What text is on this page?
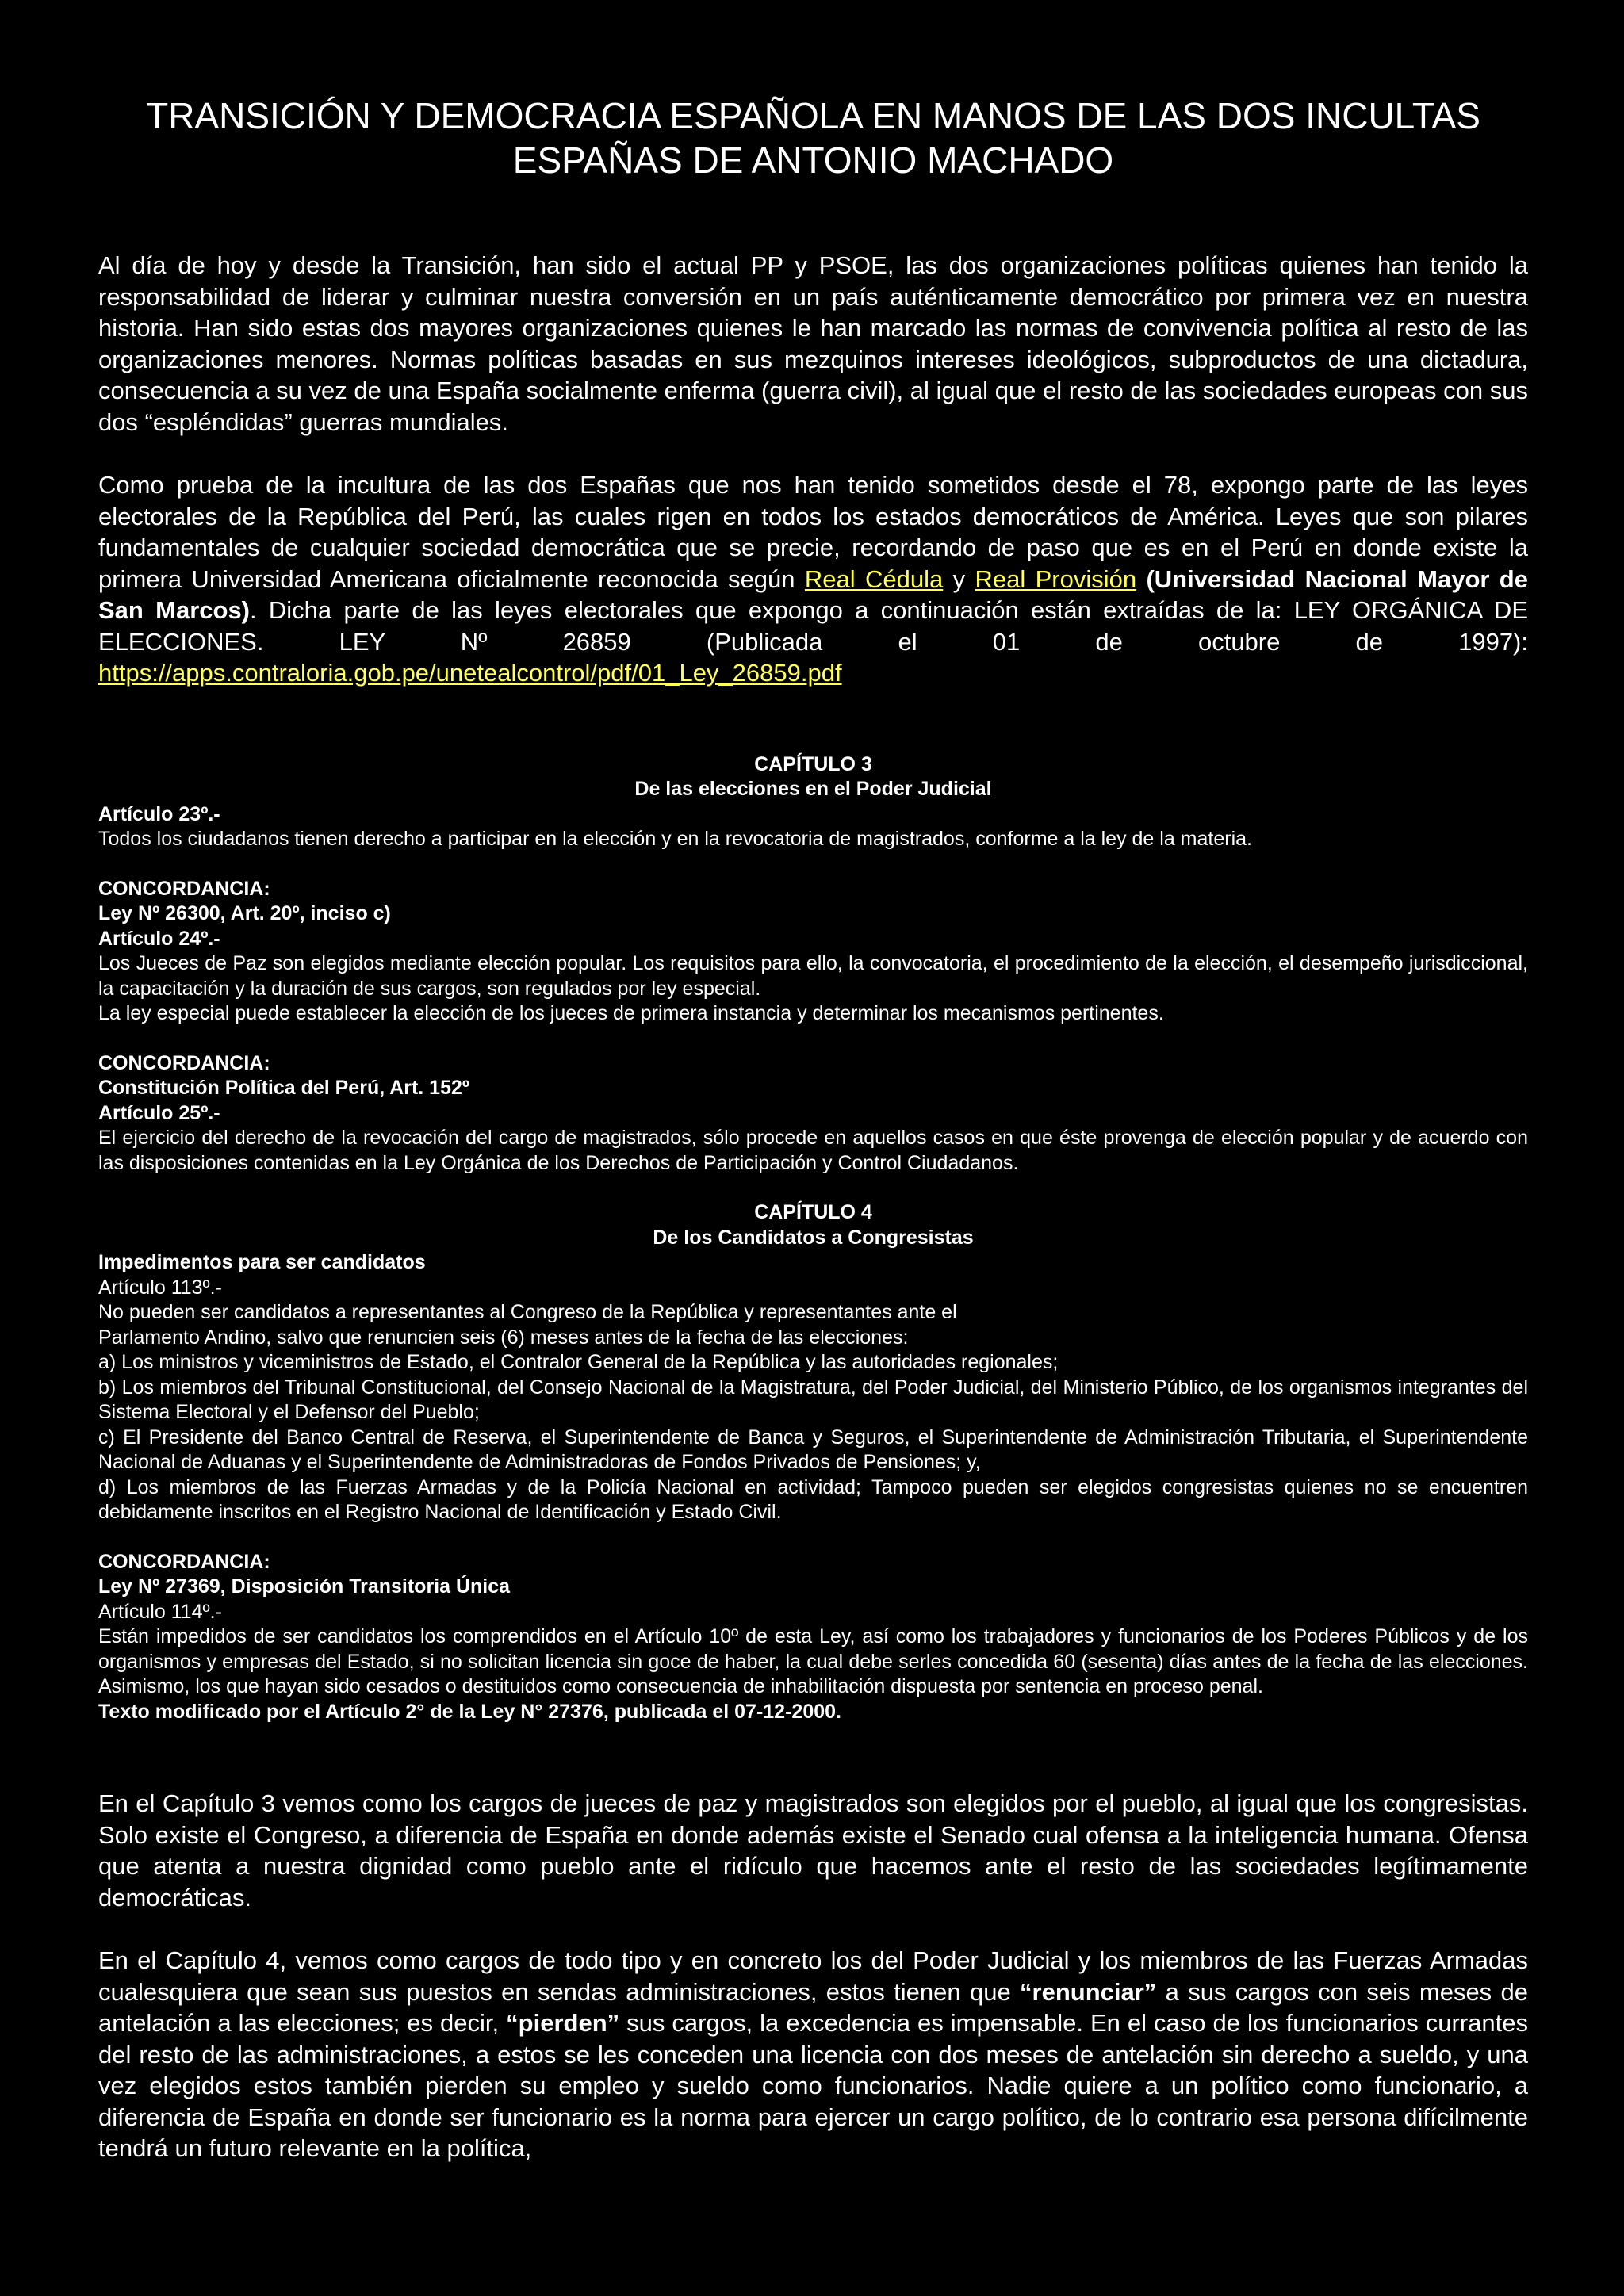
TRANSICIÓN Y DEMOCRACIA ESPAÑOLA EN MANOS DE LAS DOS INCULTAS ESPAÑAS DE ANTONIO MACHADO

Al día de hoy y desde la Transición, han sido el actual PP y PSOE, las dos organizaciones políticas quienes han tenido la responsabilidad de liderar y culminar nuestra conversión en un país auténticamente democrático por primera vez en nuestra historia. Han sido estas dos mayores organizaciones quienes le han marcado las normas de convivencia política al resto de las organizaciones menores. Normas políticas basadas en sus mezquinos intereses ideológicos, subproductos de una dictadura, consecuencia a su vez de una España socialmente enferma (guerra civil), al igual que el resto de las sociedades europeas con sus dos “espléndidas” guerras mundiales.

Como prueba de la incultura de las dos Españas que nos han tenido sometidos desde el 78, expongo parte de las leyes electorales de la República del Perú, las cuales rigen en todos los estados democráticos de América. Leyes que son pilares fundamentales de cualquier sociedad democrática que se precie, recordando de paso que es en el Perú en donde existe la primera Universidad Americana oficialmente reconocida según Real Cédula y Real Provisión (Universidad Nacional Mayor de San Marcos). Dicha parte de las leyes electorales que expongo a continuación están extraídas de la: LEY ORGÁNICA DE ELECCIONES. LEY Nº 26859 (Publicada el 01 de octubre de 1997): https://apps.contraloria.gob.pe/unetealcontrol/pdf/01_Ley_26859.pdf

CAPÍTULO 3
De las elecciones en el Poder Judicial
Artículo 23º.-
Todos los ciudadanos tienen derecho a participar en la elección y en la revocatoria de magistrados, conforme a la ley de la materia.
CONCORDANCIA:
Ley Nº 26300, Art. 20º, inciso c)
Artículo 24º.-
Los Jueces de Paz son elegidos mediante elección popular. Los requisitos para ello, la convocatoria, el procedimiento de la elección, el desempeño jurisdiccional, la capacitación y la duración de sus cargos, son regulados por ley especial.
La ley especial puede establecer la elección de los jueces de primera instancia y determinar los mecanismos pertinentes.
CONCORDANCIA:
Constitución Política del Perú, Art. 152º
Artículo 25º.-
El ejercicio del derecho de la revocación del cargo de magistrados, sólo procede en aquellos casos en que éste provenga de elección popular y de acuerdo con las disposiciones contenidas en la Ley Orgánica de los Derechos de Participación y Control Ciudadanos.
CAPÍTULO 4
De los Candidatos a Congresistas
Impedimentos para ser candidatos
Artículo 113º.-
No pueden ser candidatos a representantes al Congreso de la República y representantes ante el
Parlamento Andino, salvo que renuncien seis (6) meses antes de la fecha de las elecciones:
a) Los ministros y viceministros de Estado, el Contralor General de la República y las autoridades regionales;
b) Los miembros del Tribunal Constitucional, del Consejo Nacional de la Magistratura, del Poder Judicial, del Ministerio Público, de los organismos integrantes del Sistema Electoral y el Defensor del Pueblo;
c) El Presidente del Banco Central de Reserva, el Superintendente de Banca y Seguros, el Superintendente de Administración Tributaria, el Superintendente Nacional de Aduanas y el Superintendente de Administradoras de Fondos Privados de Pensiones; y,
d) Los miembros de las Fuerzas Armadas y de la Policía Nacional en actividad; Tampoco pueden ser elegidos congresistas quienes no se encuentren debidamente inscritos en el Registro Nacional de Identificación y Estado Civil.
CONCORDANCIA:
Ley Nº 27369, Disposición Transitoria Única
Artículo 114º.-
Están impedidos de ser candidatos los comprendidos en el Artículo 10º de esta Ley, así como los trabajadores y funcionarios de los Poderes Públicos y de los organismos y empresas del Estado, si no solicitan licencia sin goce de haber, la cual debe serles concedida 60 (sesenta) días antes de la fecha de las elecciones. Asimismo, los que hayan sido cesados o destituidos como consecuencia de inhabilitación dispuesta por sentencia en proceso penal.
Texto modificado por el Artículo 2° de la Ley N° 27376, publicada el 07-12-2000.

En el Capítulo 3 vemos como los cargos de jueces de paz y magistrados son elegidos por el pueblo, al igual que los congresistas. Solo existe el Congreso, a diferencia de España en donde además existe el Senado cual ofensa a la inteligencia humana. Ofensa que atenta a nuestra dignidad como pueblo ante el ridículo que hacemos ante el resto de las sociedades legítimamente democráticas.

En el Capítulo 4, vemos como cargos de todo tipo y en concreto los del Poder Judicial y los miembros de las Fuerzas Armadas cualesquiera que sean sus puestos en sendas administraciones, estos tienen que “renunciar” a sus cargos con seis meses de antelación a las elecciones; es decir, “pierden” sus cargos, la excedencia es impensable. En el caso de los funcionarios currantes del resto de las administraciones, a estos se les conceden una licencia con dos meses de antelación sin derecho a sueldo, y una vez elegidos estos también pierden su empleo y sueldo como funcionarios. Nadie quiere a un político como funcionario, a diferencia de España en donde ser funcionario es la norma para ejercer un cargo político, de lo contrario esa persona difícilmente tendrá un futuro relevante en la política,
